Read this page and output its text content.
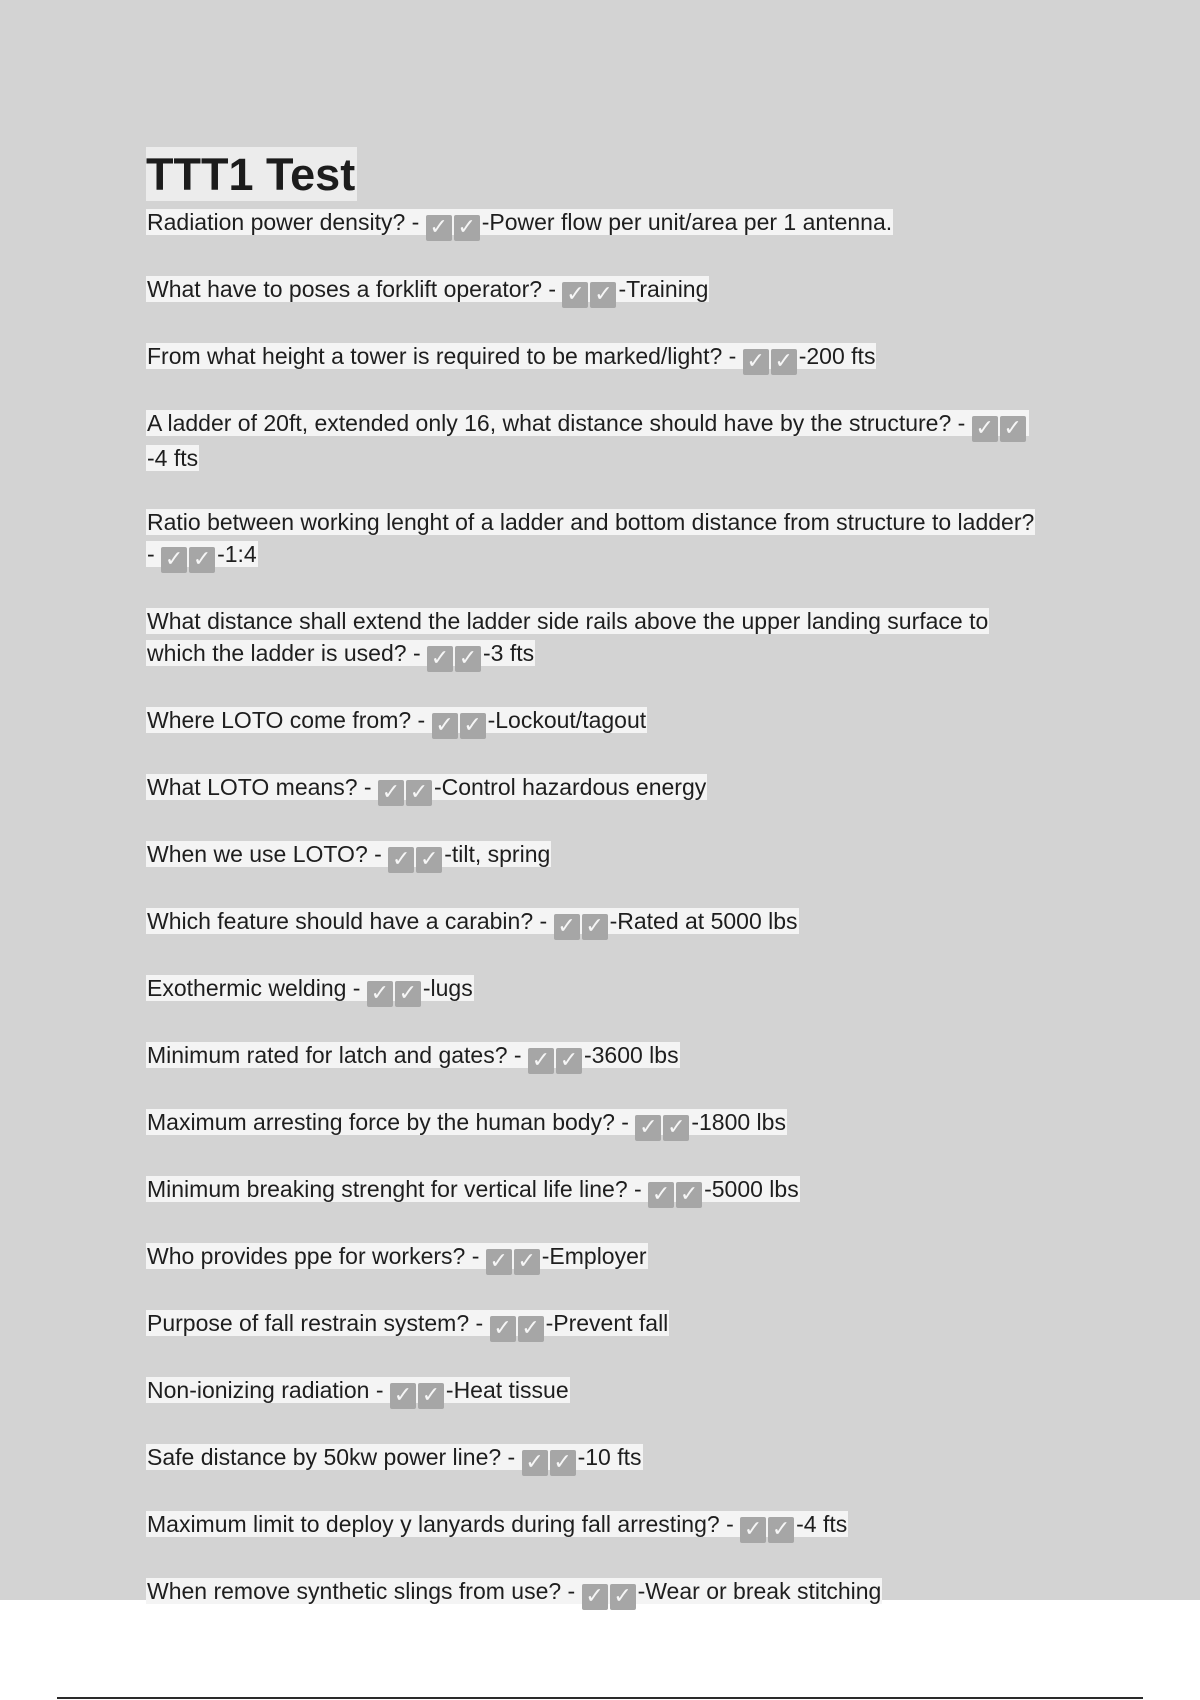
TTT1 Test
Radiation power density? - ✓ ✓ -Power flow per unit/area per 1 antenna.
What have to poses a forklift operator? - ✓ ✓ -Training
From what height a tower is required to be marked/light? - ✓ ✓ -200 fts
A ladder of 20ft, extended only 16, what distance should have by the structure? - ✓ ✓-4 fts
Ratio between working lenght of a ladder and bottom distance from structure to ladder? - ✓ ✓ -1:4
What distance shall extend the ladder side rails above the upper landing surface to which the ladder is used? - ✓ ✓ -3 fts
Where LOTO come from? - ✓ ✓ -Lockout/tagout
What LOTO means? - ✓ ✓ -Control hazardous energy
When we use LOTO? - ✓ ✓ -tilt, spring
Which feature should have a carabin? - ✓ ✓ -Rated at 5000 lbs
Exothermic welding - ✓ ✓ -lugs
Minimum rated for latch and gates? - ✓ ✓ -3600 lbs
Maximum arresting force by the human body? - ✓ ✓ -1800 lbs
Minimum breaking strenght for vertical life line? - ✓ ✓ -5000 lbs
Who provides ppe for workers? - ✓ ✓ -Employer
Purpose of fall restrain system? - ✓ ✓ -Prevent fall
Non-ionizing radiation - ✓ ✓ -Heat tissue
Safe distance by 50kw power line? - ✓ ✓ -10 fts
Maximum limit to deploy y lanyards during fall arresting? - ✓ ✓ -4 fts
When remove synthetic slings from use? - ✓ ✓ -Wear or break stitching
